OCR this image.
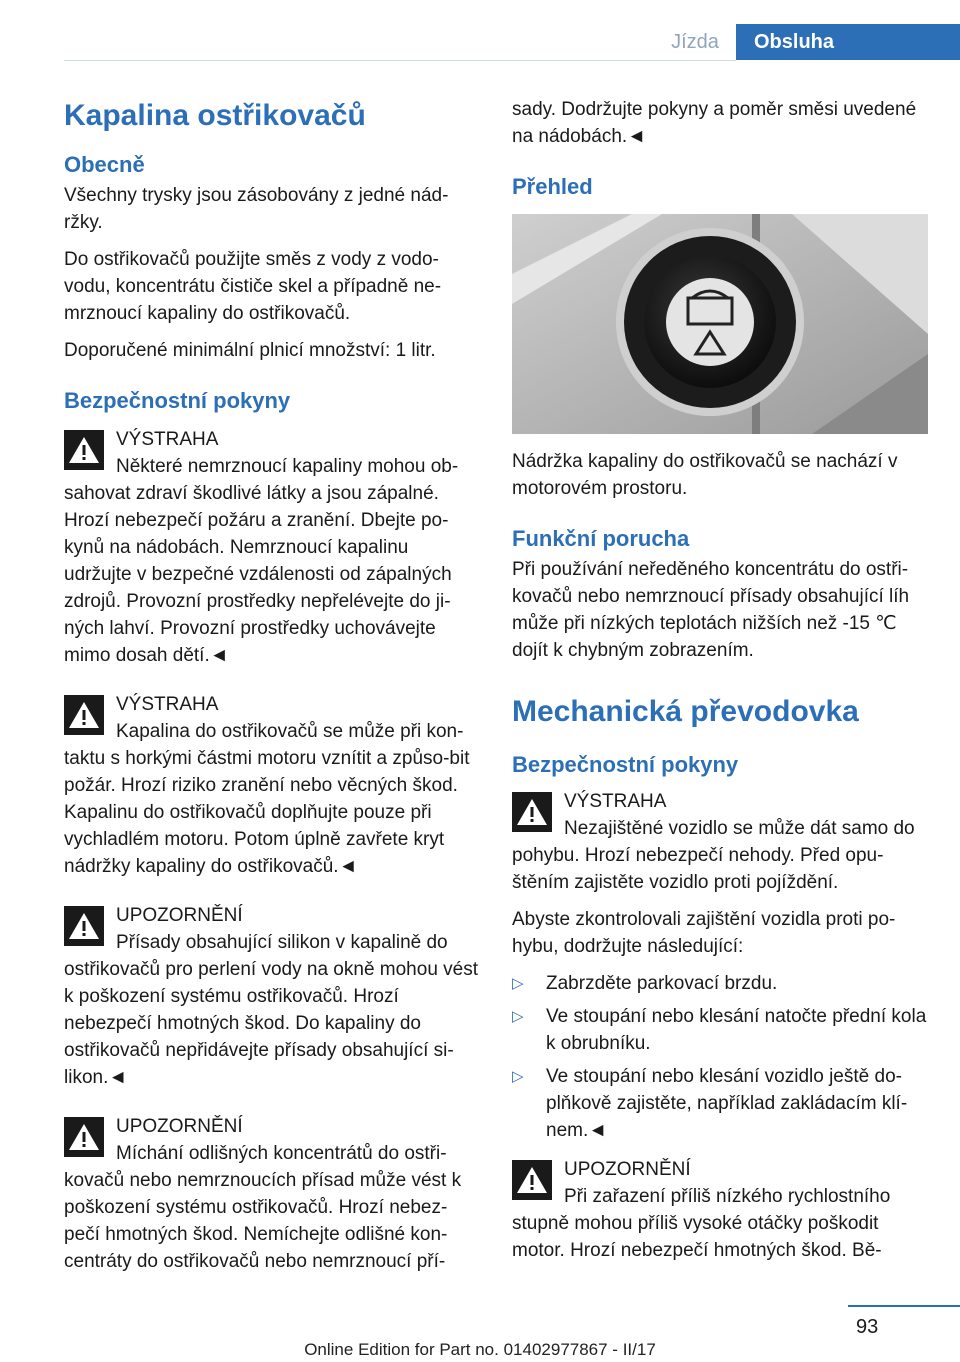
Jízda	Obsluha
Kapalina ostřikovačů
Obecně

Všechny trysky jsou zásobovány z jedné nád-ržky.

Do ostřikovačů použijte směs z vody z vodo-vodu, koncentrátu čističe skel a případně ne-mrznoucí kapaliny do ostřikovačů.

Doporučené minimální plnicí množství: 1 litr.

Bezpečnostní pokyny
VÝSTRAHA
Některé nemrznoucí kapaliny mohou ob-sahovat zdraví škodlivé látky a jsou zápalné. Hrozí nebezpečí požáru a zranění. Dbejte po-kynů na nádobách. Nemrznoucí kapalinu udržujte v bezpečné vzdálenosti od zápalných zdrojů. Provozní prostředky nepřelévejte do ji-ných lahví. Provozní prostředky uchovávejte mimo dosah dětí.◄
VÝSTRAHA
Kapalina do ostřikovačů se může při kon-taktu s horkými částmi motoru vznítit a způso-bit požár. Hrozí riziko zranění nebo věcných škod. Kapalinu do ostřikovačů doplňujte pouze při vychladlém motoru. Potom úplně zavřete kryt nádržky kapaliny do ostřikovačů.◄
UPOZORNĚNÍ
Přísady obsahující silikon v kapalině do ostřikovačů pro perlení vody na okně mohou vést k poškození systému ostřikovačů. Hrozí nebezpečí hmotných škod. Do kapaliny do ostřikovačů nepřidávejte přísady obsahující si-likon.◄
UPOZORNĚNÍ
Míchání odlišných koncentrátů do ostři-kovačů nebo nemrznoucích přísad může vést k poškození systému ostřikovačů. Hrozí nebez-pečí hmotných škod. Nemíchejte odlišné kon-centráty do ostřikovačů nebo nemrznoucí pří-

sady. Dodržujte pokyny a poměr směsi uvedené na nádobách.◄

Přehled

Nádržka kapaliny do ostřikovačů se nachází v motorovém prostoru.

Funkční porucha

Při používání neředěného koncentrátu do ostři-kovačů nebo nemrznoucí přísady obsahující líh může při nízkých teplotách nižších než -15 ℃ dojít k chybným zobrazením.

Mechanická převodovka
Bezpečnostní pokyny
VÝSTRAHA
Nezajištěné vozidlo se může dát samo do pohybu. Hrozí nebezpečí nehody. Před opu-štěním zajistěte vozidlo proti pojíždění.

Abyste zkontrolovali zajištění vozidla proti po-hybu, dodržujte následující:

▷ Zabrzděte parkovací brzdu.
▷ Ve stoupání nebo klesání natočte přední kola k obrubníku.
▷ Ve stoupání nebo klesání vozidlo ještě do-plňkově zajistěte, například zakládacím klí-nem.◄
UPOZORNĚNÍ
Při zařazení příliš nízkého rychlostního stupně mohou příliš vysoké otáčky poškodit motor. Hrozí nebezpečí hmotných škod. Bě-
93
Online Edition for Part no. 01402977867 - II/17
